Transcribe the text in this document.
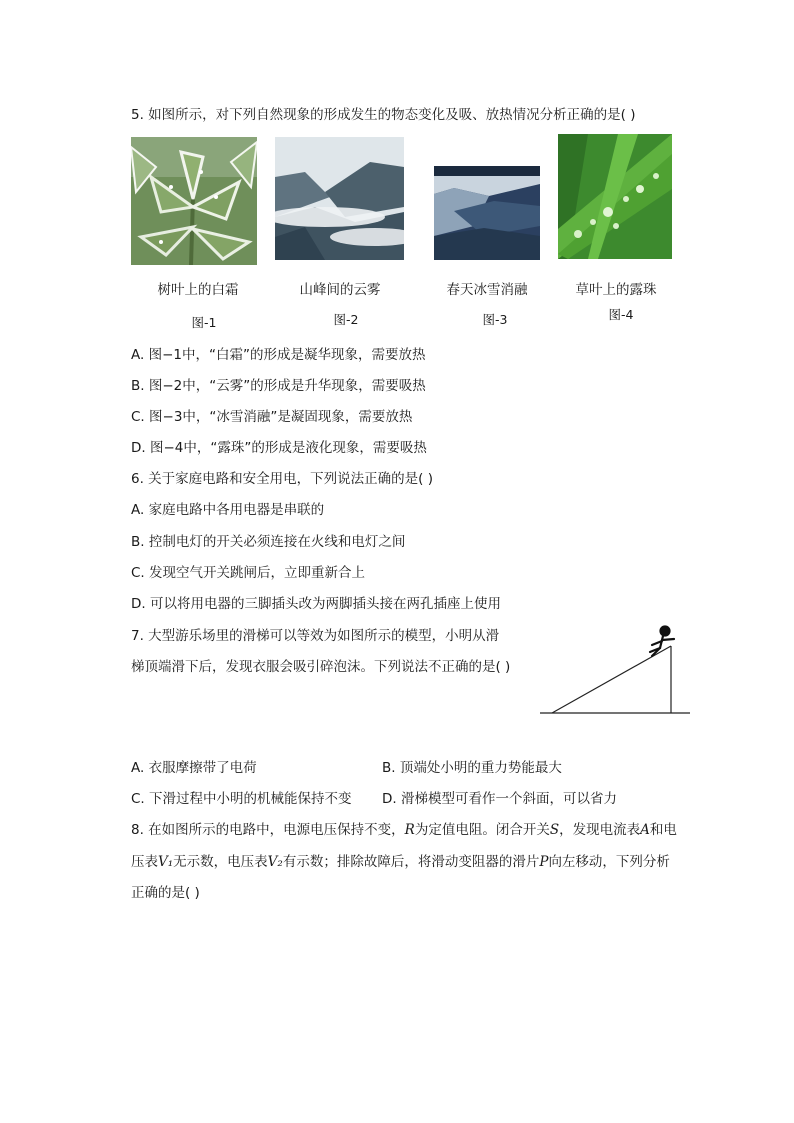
5. 如图所示，对下列自然现象的形成发生的物态变化及吸、放热情况分析正确的是( )
树叶上的白霜	山峰间的云雾	春天冰雪消融	草叶上的露珠
图-1	图-2	图-3	图-4
A. 图−1中，“白霜”的形成是凝华现象，需要放热
B. 图−2中，“云雾”的形成是升华现象，需要吸热
C. 图−3中，“冰雪消融”是凝固现象，需要放热
D. 图−4中，“露珠”的形成是液化现象，需要吸热
6. 关于家庭电路和安全用电，下列说法正确的是( )
A. 家庭电路中各用电器是串联的
B. 控制电灯的开关必须连接在火线和电灯之间
C. 发现空气开关跳闸后，立即重新合上
D. 可以将用电器的三脚插头改为两脚插头接在两孔插座上使用
7. 大型游乐场里的滑梯可以等效为如图所示的模型，小明从滑
梯顶端滑下后，发现衣服会吸引碎泡沫。下列说法不正确的是( )
A. 衣服摩擦带了电荷	B. 顶端处小明的重力势能最大
C. 下滑过程中小明的机械能保持不变 D. 滑梯模型可看作一个斜面，可以省力
8. 在如图所示的电路中，电源电压保持不变，R为定值电阻。闭合开关S，发现电流表A和电
压表V₁无示数，电压表V₂有示数；排除故障后，将滑动变阻器的滑片P向左移动，下列分析
正确的是( )
